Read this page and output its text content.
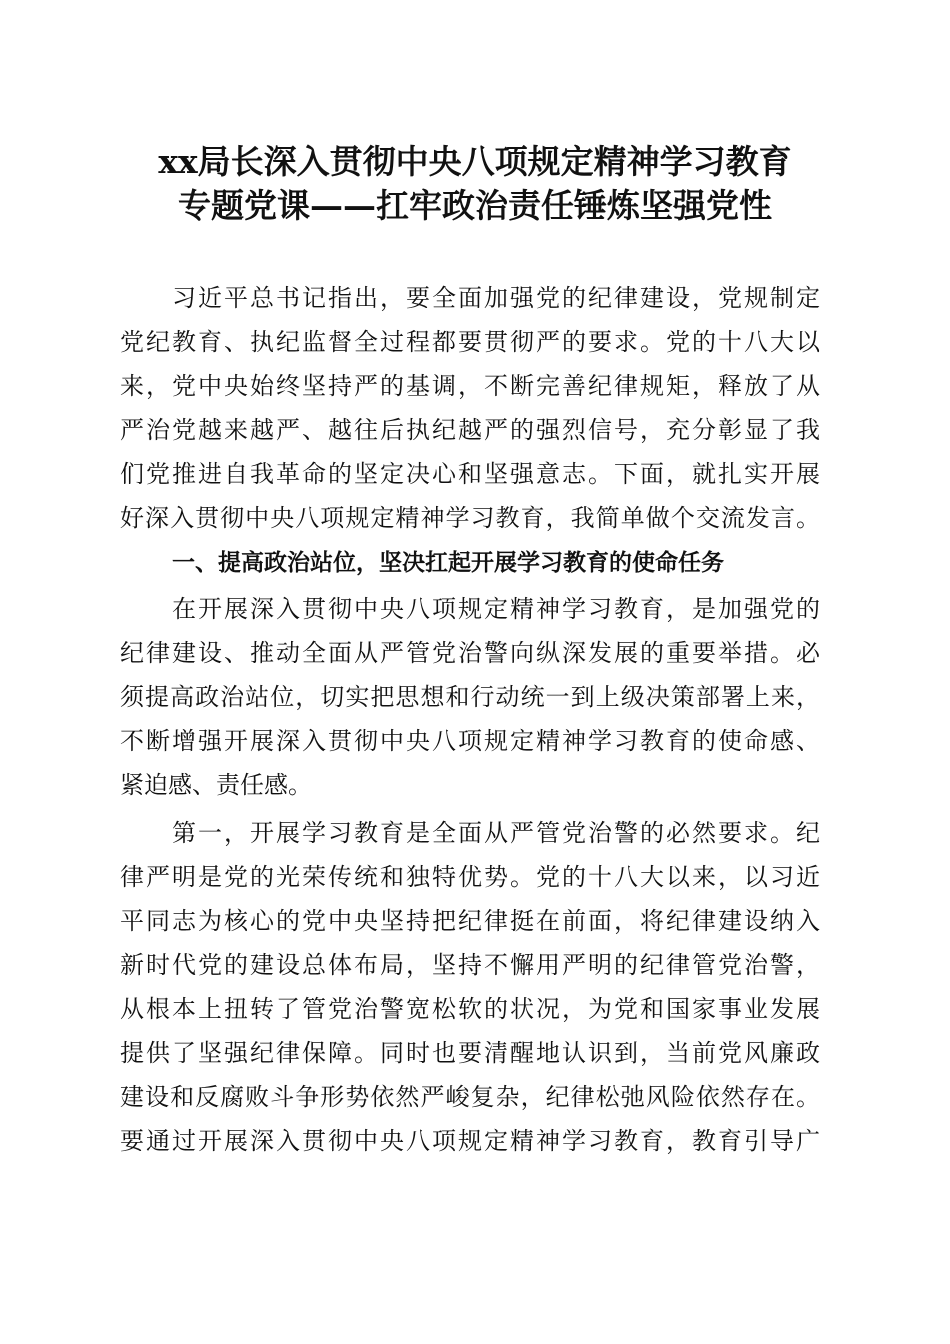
xx局长深入贯彻中央八项规定精神学习教育
专题党课——扛牢政治责任锤炼坚强党性
习近平总书记指出，要全面加强党的纪律建设，党规制定
党纪教育、执纪监督全过程都要贯彻严的要求。党的十八大以
来，党中央始终坚持严的基调，不断完善纪律规矩，释放了从
严治党越来越严、越往后执纪越严的强烈信号，充分彰显了我
们党推进自我革命的坚定决心和坚强意志。下面，就扎实开展
好深入贯彻中央八项规定精神学习教育，我简单做个交流发言。
一、提高政治站位，坚决扛起开展学习教育的使命任务
在开展深入贯彻中央八项规定精神学习教育，是加强党的
纪律建设、推动全面从严管党治警向纵深发展的重要举措。必
须提高政治站位，切实把思想和行动统一到上级决策部署上来，
不断增强开展深入贯彻中央八项规定精神学习教育的使命感、
紧迫感、责任感。
第一，开展学习教育是全面从严管党治警的必然要求。纪
律严明是党的光荣传统和独特优势。党的十八大以来，以习近
平同志为核心的党中央坚持把纪律挺在前面，将纪律建设纳入
新时代党的建设总体布局，坚持不懈用严明的纪律管党治警，
从根本上扭转了管党治警宽松软的状况，为党和国家事业发展
提供了坚强纪律保障。同时也要清醒地认识到，当前党风廉政
建设和反腐败斗争形势依然严峻复杂，纪律松弛风险依然存在。
要通过开展深入贯彻中央八项规定精神学习教育，教育引导广
